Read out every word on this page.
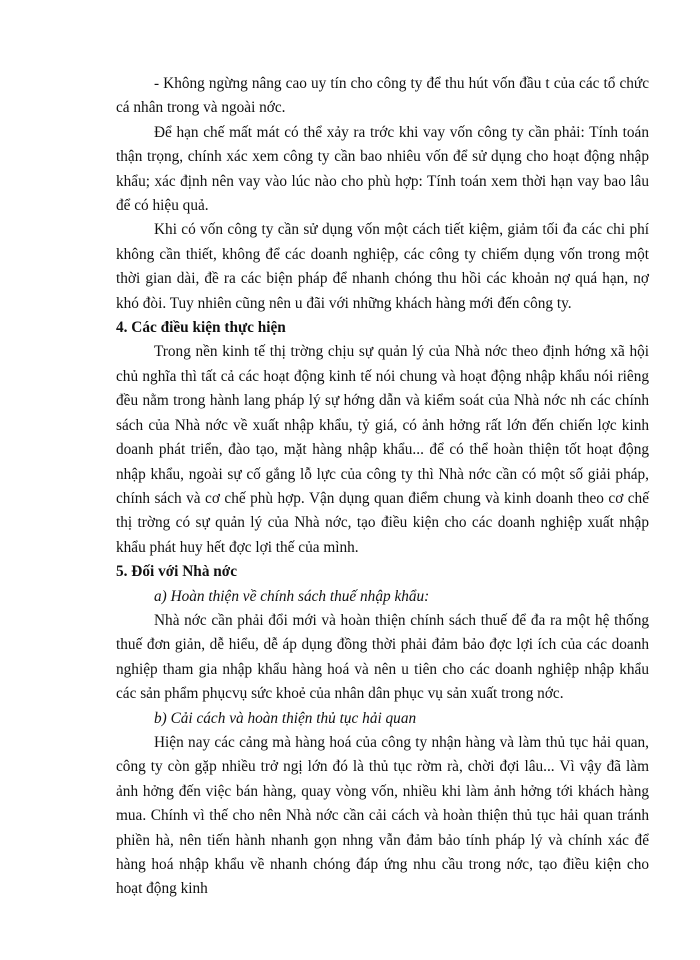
- Không ngừng nâng cao uy tín cho công ty để thu hút vốn đầu t của các tổ chức cá nhân trong và ngoài nớc.

Để hạn chế mất mát có thể xảy ra trớc khi vay vốn công ty cần phải: Tính toán thận trọng, chính xác xem công ty cần bao nhiêu vốn để sử dụng cho hoạt động nhập khẩu; xác định nên vay vào lúc nào cho phù hợp: Tính toán xem thời hạn vay bao lâu để có hiệu quả.

Khi có vốn công ty cần sử dụng vốn một cách tiết kiệm, giảm tối đa các chi phí không cần thiết, không để các doanh nghiệp, các công ty chiếm dụng vốn trong một thời gian dài, đề ra các biện pháp để nhanh chóng thu hồi các khoản nợ quá hạn, nợ khó đòi. Tuy nhiên cũng nên u đãi với những khách hàng mới đến công ty.

4. Các điều kiện thực hiện

Trong nền kinh tế thị trờng chịu sự quản lý của Nhà nớc theo định hớng xã hội chủ nghĩa thì tất cả các hoạt động kinh tế nói chung và hoạt động nhập khẩu nói riêng đều nằm trong hành lang pháp lý sự hớng dẫn và kiểm soát của Nhà nớc nh các chính sách của Nhà nớc về xuất nhập khẩu, tỷ giá, có ảnh hởng rất lớn đến chiến lợc kinh doanh phát triển, đào tạo, mặt hàng nhập khẩu... để có thể hoàn thiện tốt hoạt động nhập khẩu, ngoài sự cố gắng lỗ lực của công ty thì Nhà nớc cần có một số giải pháp, chính sách và cơ chế phù hợp. Vận dụng quan điểm chung và kinh doanh theo cơ chế thị trờng có sự quản lý của Nhà nớc, tạo điều kiện cho các doanh nghiệp xuất nhập khẩu phát huy hết đợc lợi thế của mình.

5. Đối với Nhà nớc

a) Hoàn thiện về chính sách thuế nhập khẩu:

Nhà nớc cần phải đổi mới và hoàn thiện chính sách thuế để đa ra một hệ thống thuế đơn giản, dễ hiểu, dễ áp dụng đồng thời phải đảm bảo đợc lợi ích của các doanh nghiệp tham gia nhập khẩu hàng hoá và nên u tiên cho các doanh nghiệp nhập khẩu các sản phẩm phụcvụ sức khoẻ của nhân dân phục vụ sản xuất trong nớc.

b) Cải cách và hoàn thiện thủ tục hải quan

Hiện nay các cảng mà hàng hoá của công ty nhận hàng và làm thủ tục hải quan, công ty còn gặp nhiều trở ngị lớn đó là thủ tục rờm rà, chời đợi lâu... Vì vậy đã làm ảnh hởng đến việc bán hàng, quay vòng vốn, nhiều khi làm ảnh hởng tới khách hàng mua. Chính vì thế cho nên Nhà nớc cần cải cách và hoàn thiện thủ tục hải quan tránh phiền hà, nên tiến hành nhanh gọn nhng vẫn đảm bảo tính pháp lý và chính xác để hàng hoá nhập khẩu về nhanh chóng đáp ứng nhu cầu trong nớc, tạo điều kiện cho hoạt động kinh
